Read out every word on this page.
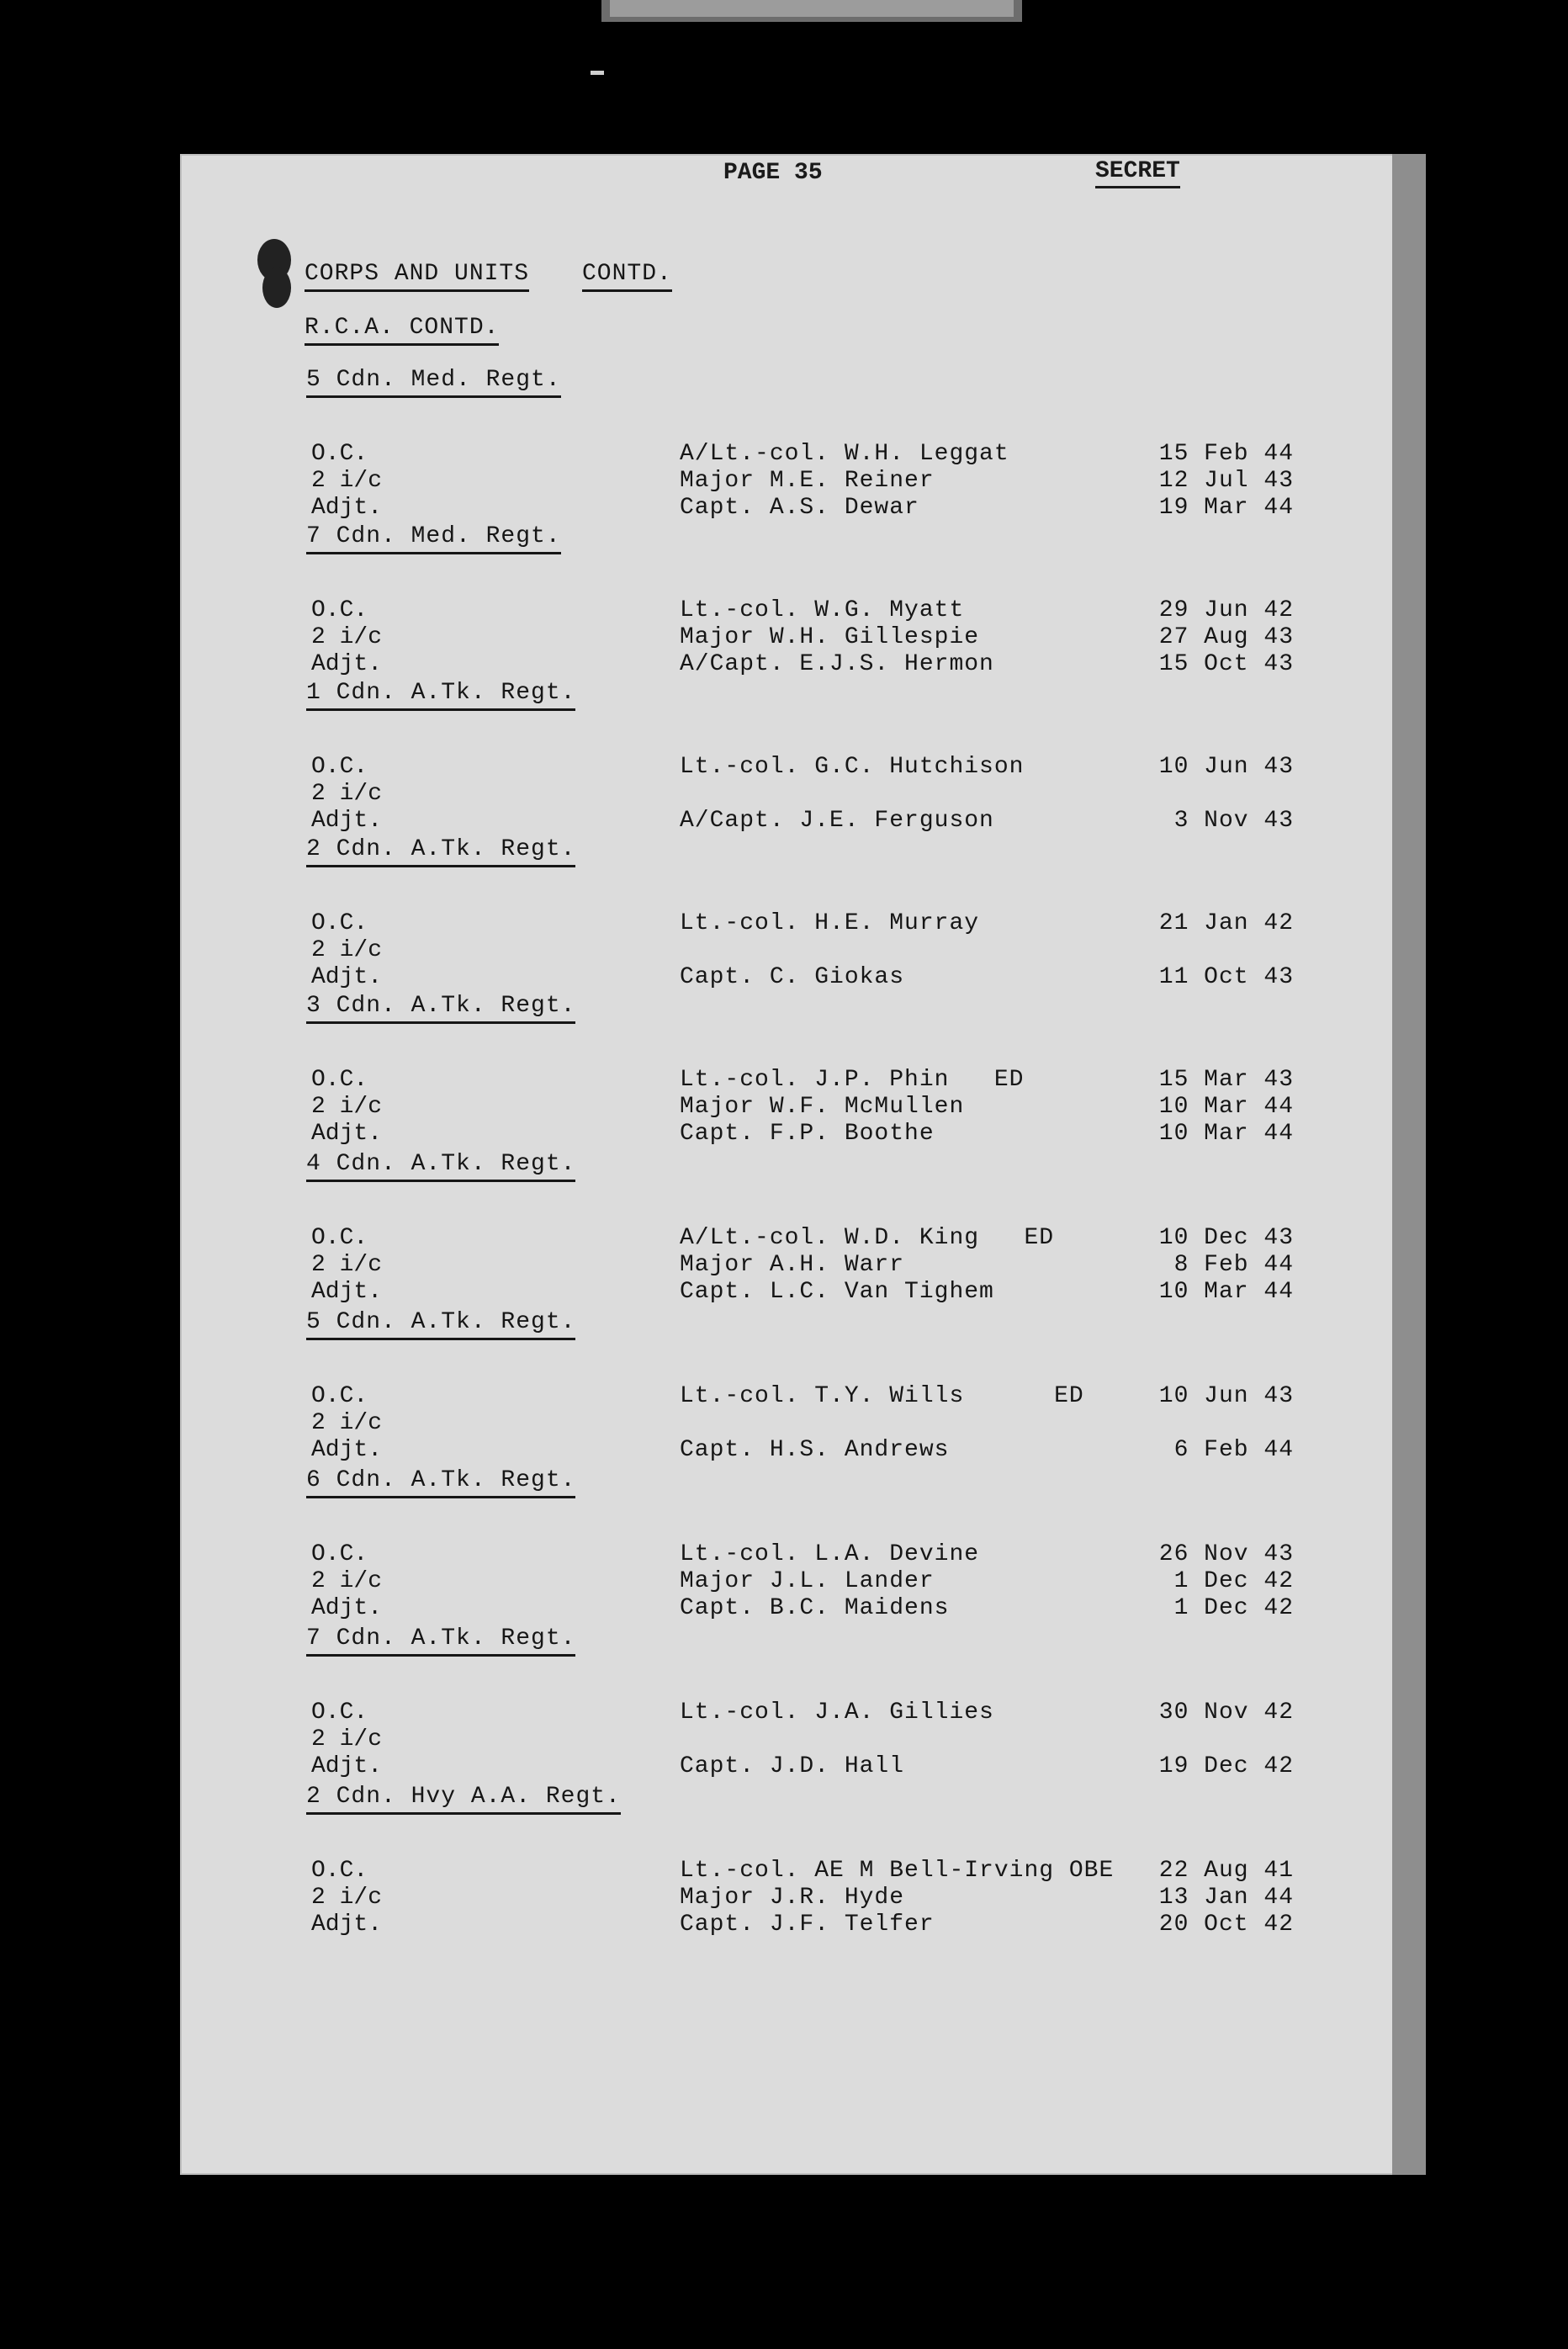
PAGE 35	SECRET
CORPS AND UNITS CONTD.
R.C.A. CONTD.
5 Cdn. Med. Regt.
O.C.	A/Lt.-col. W.H. Leggat	15 Feb 44
2 i/c	Major M.E. Reiner	12 Jul 43
Adjt.	Capt. A.S. Dewar	19 Mar 44
7 Cdn. Med. Regt.
O.C.	Lt.-col. W.G. Myatt	29 Jun 42
2 i/c	Major W.H. Gillespie	27 Aug 43
Adjt.	A/Capt. E.J.S. Hermon	15 Oct 43
1 Cdn. A.Tk. Regt.
O.C.	Lt.-col. G.C. Hutchison	10 Jun 43
2 i/c
Adjt.	A/Capt. J.E. Ferguson	3 Nov 43
2 Cdn. A.Tk. Regt.
O.C.	Lt.-col. H.E. Murray	21 Jan 42
2 i/c
Adjt.	Capt. C. Giokas	11 Oct 43
3 Cdn. A.Tk. Regt.
O.C.	Lt.-col. J.P. Phin   ED	15 Mar 43
2 i/c	Major W.F. McMullen	10 Mar 44
Adjt.	Capt. F.P. Boothe	10 Mar 44
4 Cdn. A.Tk. Regt.
O.C.	A/Lt.-col. W.D. King   ED	10 Dec 43
2 i/c	Major A.H. Warr	8 Feb 44
Adjt.	Capt. L.C. Van Tighem	10 Mar 44
5 Cdn. A.Tk. Regt.
O.C.	Lt.-col. T.Y. Wills      ED	10 Jun 43
2 i/c
Adjt.	Capt. H.S. Andrews	6 Feb 44
6 Cdn. A.Tk. Regt.
O.C.	Lt.-col. L.A. Devine	26 Nov 43
2 i/c	Major J.L. Lander	1 Dec 42
Adjt.	Capt. B.C. Maidens	1 Dec 42
7 Cdn. A.Tk. Regt.
O.C.	Lt.-col. J.A. Gillies	30 Nov 42
2 i/c
Adjt.	Capt. J.D. Hall	19 Dec 42
2 Cdn. Hvy A.A. Regt.
O.C.	Lt.-col. AE M Bell-Irving OBE 22 Aug 41
2 i/c	Major J.R. Hyde	13 Jan 44
Adjt.	Capt. J.F. Telfer	20 Oct 42
